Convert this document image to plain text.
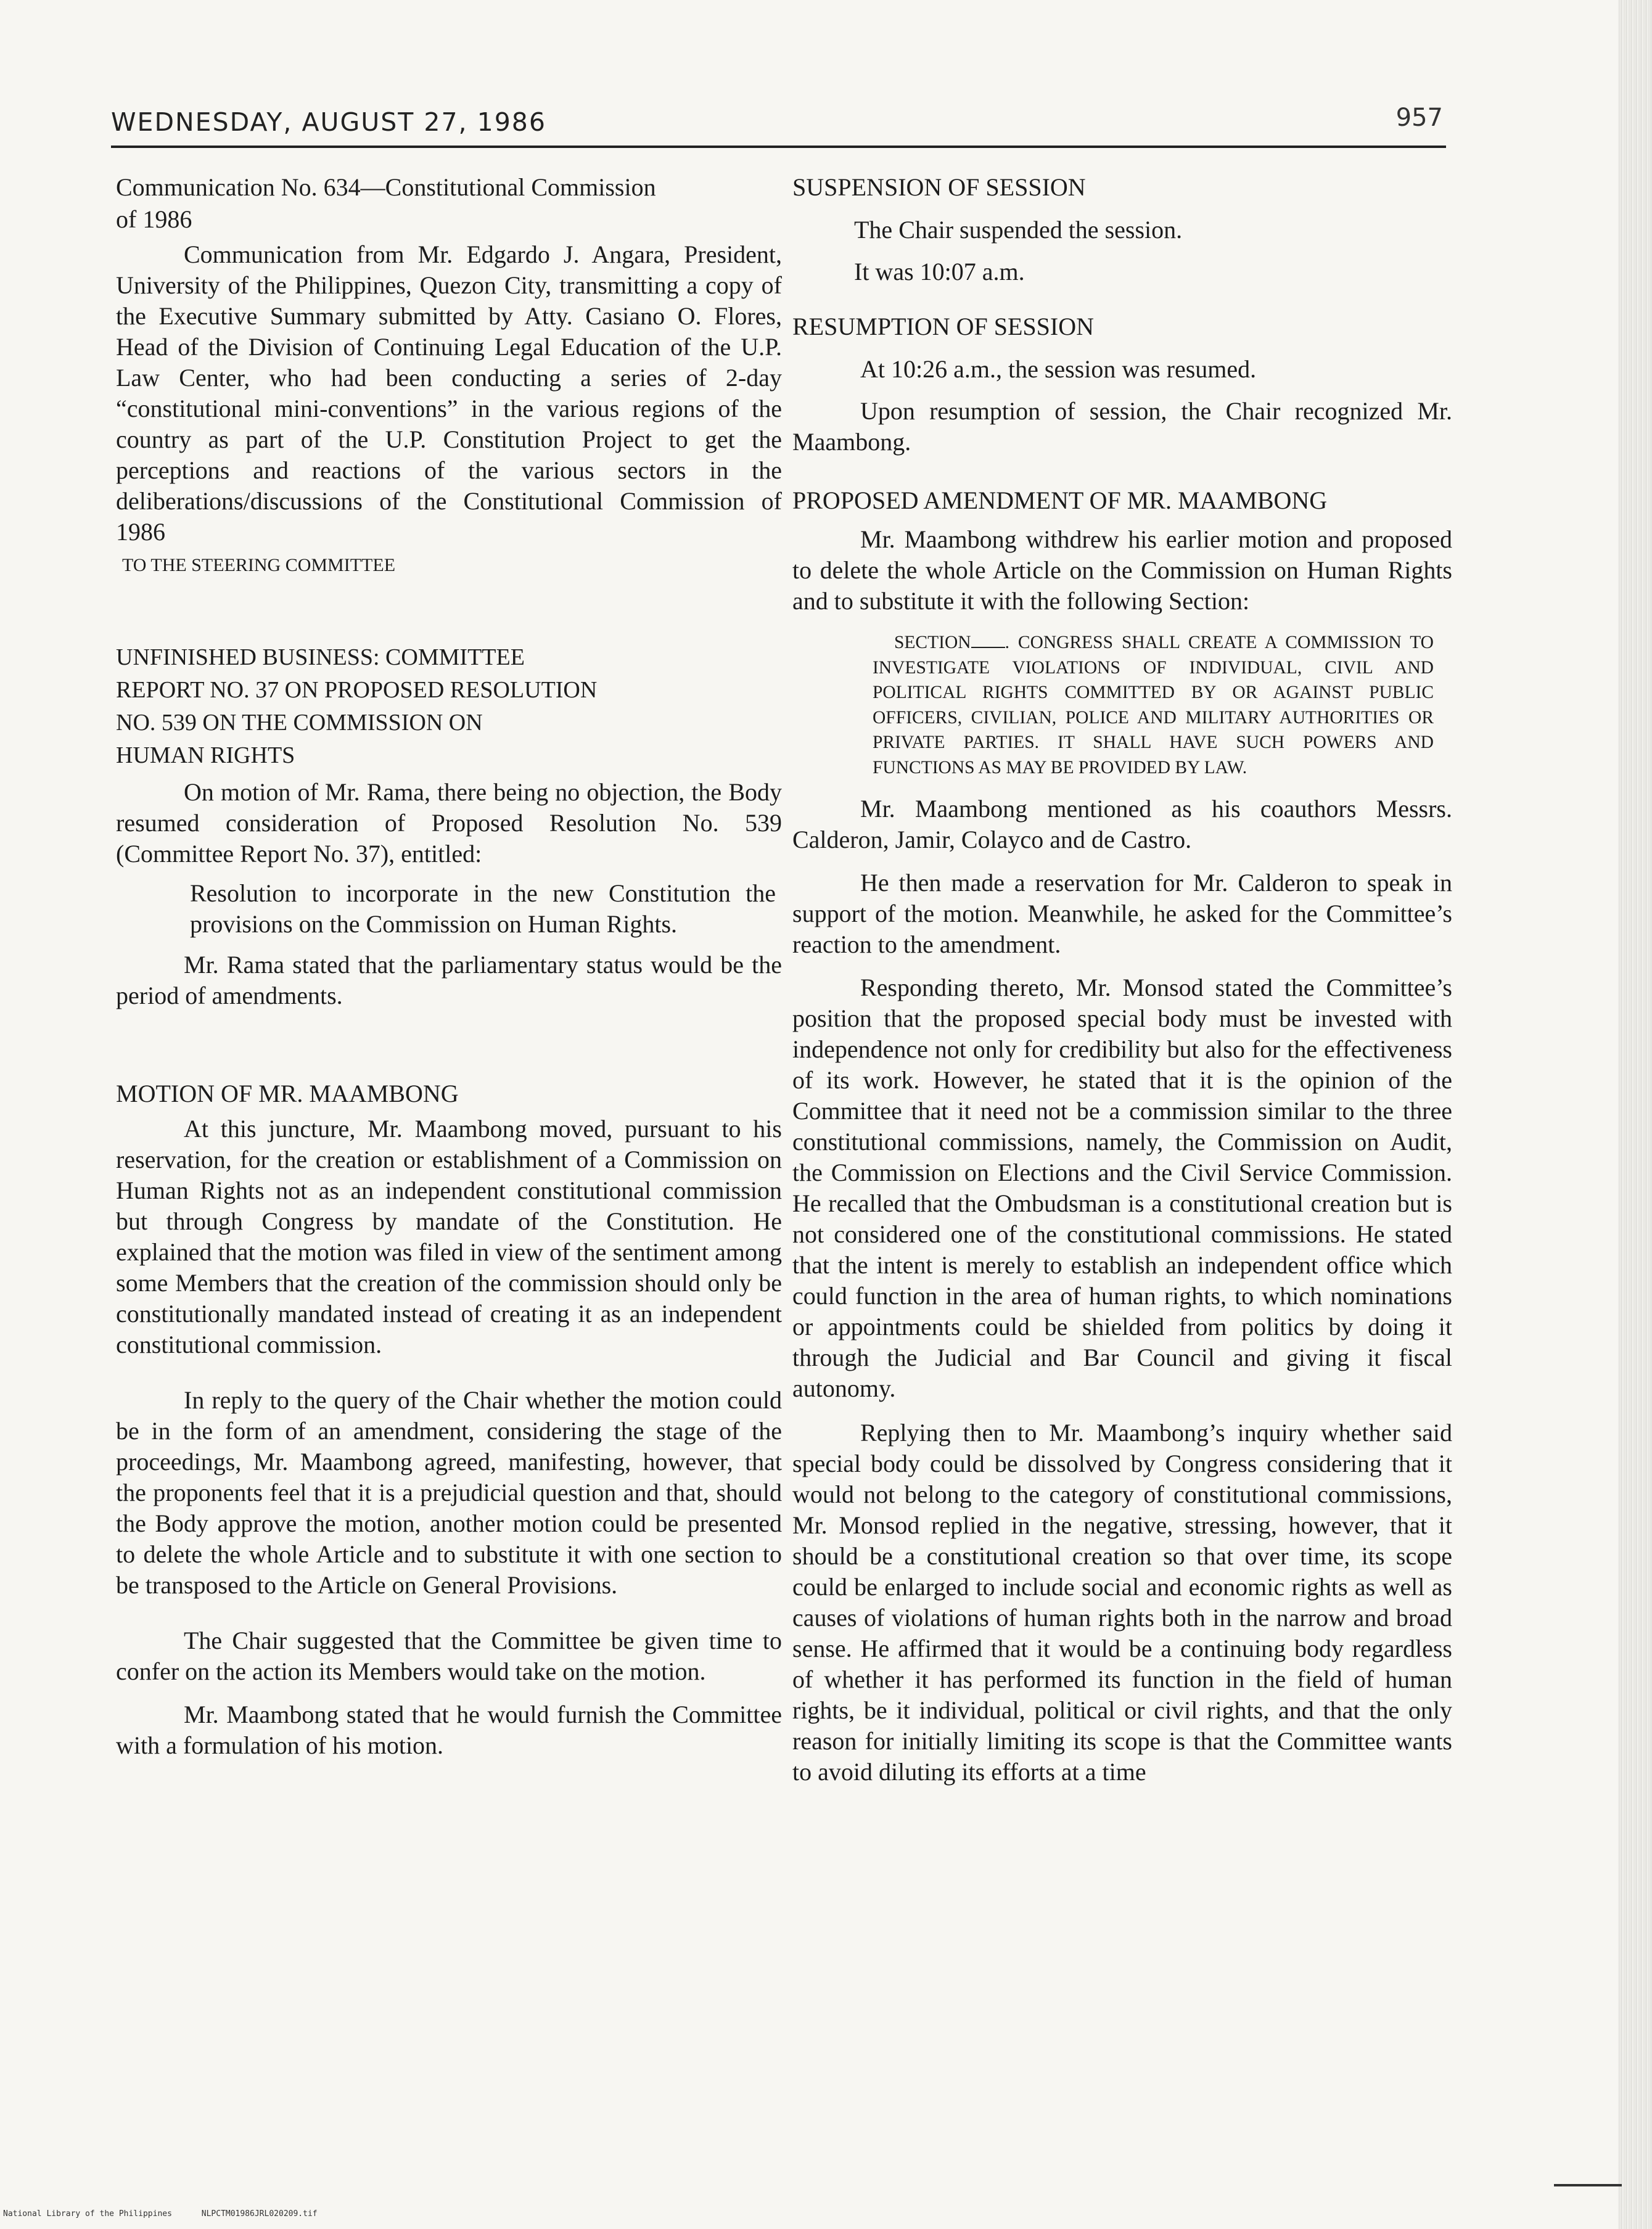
WEDNESDAY, AUGUST 27, 1986	957
Communication No. 634—Constitutional Commission
of 1986

Communication from Mr. Edgardo J. Angara, President, University of the Philippines, Quezon City, transmitting a copy of the Executive Summary submitted by Atty. Casiano O. Flores, Head of the Division of Continuing Legal Education of the U.P. Law Center, who had been conducting a series of 2-day “constitutional mini-conventions” in the various regions of the country as part of the U.P. Constitution Project to get the perceptions and reactions of the various sectors in the deliberations/discussions of the Constitutional Commission of 1986

TO THE STEERING COMMITTEE
UNFINISHED BUSINESS: COMMITTEE
REPORT NO. 37 ON PROPOSED RESOLUTION
NO. 539 ON THE COMMISSION ON
HUMAN RIGHTS

On motion of Mr. Rama, there being no objection, the Body resumed consideration of Proposed Resolution No. 539 (Committee Report No. 37), entitled:

Resolution to incorporate in the new Constitution the provisions on the Commission on Human Rights.

Mr. Rama stated that the parliamentary status would be the period of amendments.

MOTION OF MR. MAAMBONG

At this juncture, Mr. Maambong moved, pursuant to his reservation, for the creation or establishment of a Commission on Human Rights not as an independent constitutional commission but through Congress by mandate of the Constitution. He explained that the motion was filed in view of the sentiment among some Members that the creation of the commission should only be constitutionally mandated instead of creating it as an independent constitutional commission.

In reply to the query of the Chair whether the motion could be in the form of an amendment, considering the stage of the proceedings, Mr. Maambong agreed, manifesting, however, that the proponents feel that it is a prejudicial question and that, should the Body approve the motion, another motion could be presented to delete the whole Article and to substitute it with one section to be transposed to the Article on General Provisions.

The Chair suggested that the Committee be given time to confer on the action its Members would take on the motion.

Mr. Maambong stated that he would furnish the Committee with a formulation of his motion.

SUSPENSION OF SESSION

The Chair suspended the session.

It was 10:07 a.m.

RESUMPTION OF SESSION

At 10:26 a.m., the session was resumed.

Upon resumption of session, the Chair recognized Mr. Maambong.

PROPOSED AMENDMENT OF MR. MAAMBONG

Mr. Maambong withdrew his earlier motion and proposed to delete the whole Article on the Commission on Human Rights and to substitute it with the following Section:

SECTION . CONGRESS SHALL CREATE A COMMISSION TO INVESTIGATE VIOLATIONS OF INDIVIDUAL, CIVIL AND POLITICAL RIGHTS COMMITTED BY OR AGAINST PUBLIC OFFICERS, CIVILIAN, POLICE AND MILITARY AUTHORITIES OR PRIVATE PARTIES. IT SHALL HAVE SUCH POWERS AND FUNCTIONS AS MAY BE PROVIDED BY LAW.

Mr. Maambong mentioned as his coauthors Messrs. Calderon, Jamir, Colayco and de Castro.

He then made a reservation for Mr. Calderon to speak in support of the motion. Meanwhile, he asked for the Committee’s reaction to the amendment.

Responding thereto, Mr. Monsod stated the Committee’s position that the proposed special body must be invested with independence not only for credibility but also for the effectiveness of its work. However, he stated that it is the opinion of the Committee that it need not be a commission similar to the three constitutional commissions, namely, the Commission on Audit, the Commission on Elections and the Civil Service Commission. He recalled that the Ombudsman is a constitutional creation but is not considered one of the constitutional commissions. He stated that the intent is merely to establish an independent office which could function in the area of human rights, to which nominations or appointments could be shielded from politics by doing it through the Judicial and Bar Council and giving it fiscal autonomy.

Replying then to Mr. Maambong’s inquiry whether said special body could be dissolved by Congress considering that it would not belong to the category of constitutional commissions, Mr. Monsod replied in the negative, stressing, however, that it should be a constitutional creation so that over time, its scope could be enlarged to include social and economic rights as well as causes of violations of human rights both in the narrow and broad sense. He affirmed that it would be a continuing body regardless of whether it has performed its function in the field of human rights, be it individual, political or civil rights, and that the only reason for initially limiting its scope is that the Committee wants to avoid diluting its efforts at a time

National Library of the Philippines	NLPCTM01986JRL020209.tif
